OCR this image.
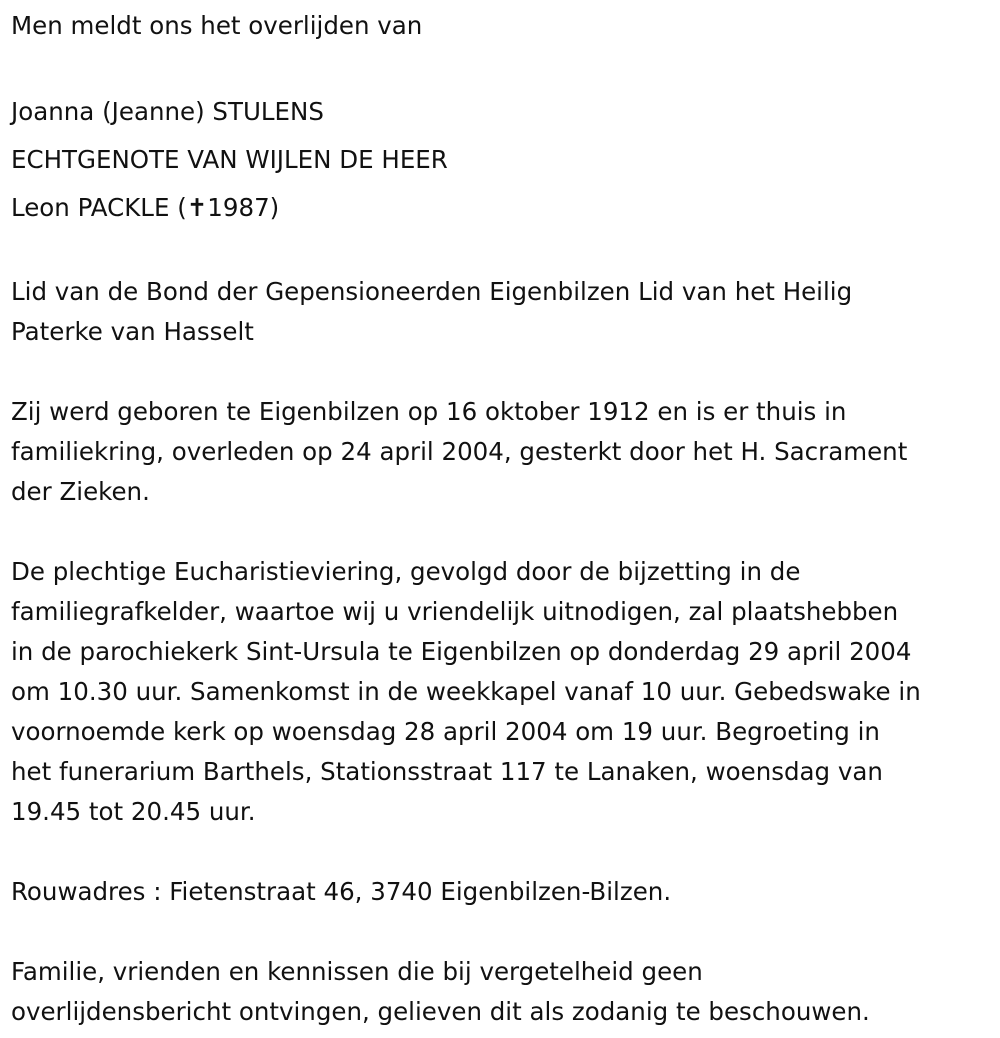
Men meldt ons het overlijden van
Joanna (Jeanne) STULENS
ECHTGENOTE VAN WIJLEN DE HEER
Leon PACKLE (✝1987)
Lid van de Bond der Gepensioneerden Eigenbilzen Lid van het Heilig
Paterke van Hasselt
Zij werd geboren te Eigenbilzen op 16 oktober 1912 en is er thuis in
familiekring, overleden op 24 april 2004, gesterkt door het H. Sacrament
der Zieken.
De plechtige Eucharistieviering, gevolgd door de bijzetting in de
familiegrafkelder, waartoe wij u vriendelijk uitnodigen, zal plaatshebben
in de parochiekerk Sint-Ursula te Eigenbilzen op donderdag 29 april 2004
om 10.30 uur. Samenkomst in de weekkapel vanaf 10 uur. Gebedswake in
voornoemde kerk op woensdag 28 april 2004 om 19 uur. Begroeting in
het funerarium Barthels, Stationsstraat 117 te Lanaken, woensdag van
19.45 tot 20.45 uur.
Rouwadres : Fietenstraat 46, 3740 Eigenbilzen-Bilzen.
Familie, vrienden en kennissen die bij vergetelheid geen
overlijdensbericht ontvingen, gelieven dit als zodanig te beschouwen.
